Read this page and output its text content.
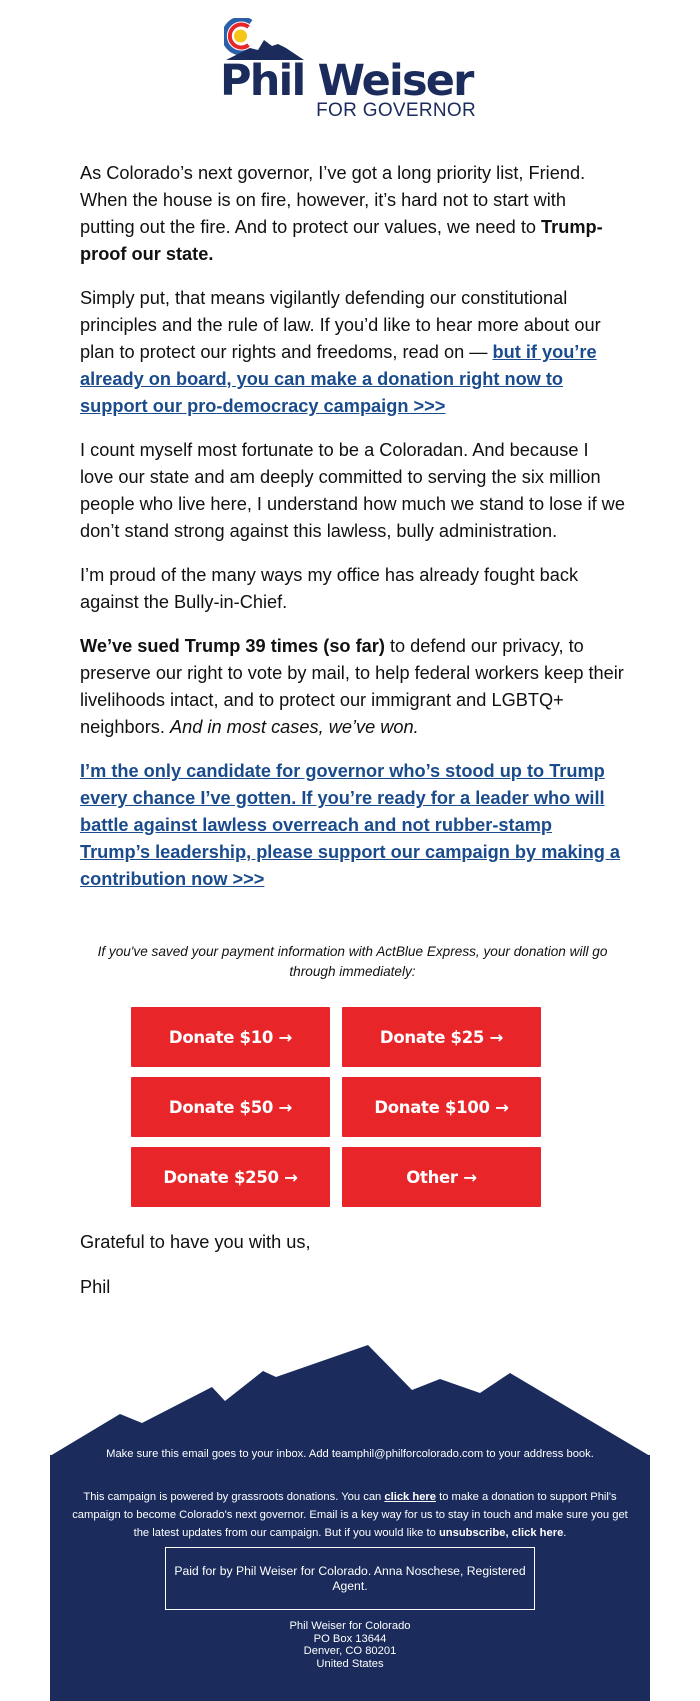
Phil Weiser
FOR GOVERNOR

As Colorado’s next governor, I’ve got a long priority list, Friend. When the house is on fire, however, it’s hard not to start with putting out the fire. And to protect our values, we need to Trump-proof our state.

Simply put, that means vigilantly defending our constitutional principles and the rule of law. If you’d like to hear more about our plan to protect our rights and freedoms, read on — but if you’re already on board, you can make a donation right now to support our pro-democracy campaign >>>

I count myself most fortunate to be a Coloradan. And because I love our state and am deeply committed to serving the six million people who live here, I understand how much we stand to lose if we don’t stand strong against this lawless, bully administration.

I’m proud of the many ways my office has already fought back against the Bully-in-Chief.

We’ve sued Trump 39 times (so far) to defend our privacy, to preserve our right to vote by mail, to help federal workers keep their livelihoods intact, and to protect our immigrant and LGBTQ+ neighbors. And in most cases, we’ve won.

I’m the only candidate for governor who’s stood up to Trump every chance I’ve gotten. If you’re ready for a leader who will battle against lawless overreach and not rubber-stamp Trump’s leadership, please support our campaign by making a contribution now >>>

If you've saved your payment information with ActBlue Express, your donation will go through immediately:
Donate $10 →	Donate $25 →
Donate $50 →	Donate $100 →
Donate $250 →	Other →
Grateful to have you with us,
Phil
Make sure this email goes to your inbox. Add teamphil@philforcolorado.com to your address book.
This campaign is powered by grassroots donations. You can click here to make a donation to support Phil's campaign to become Colorado's next governor. Email is a key way for us to stay in touch and make sure you get the latest updates from our campaign. But if you would like to unsubscribe, click here.
Paid for by Phil Weiser for Colorado. Anna Noschese, Registered Agent.
Phil Weiser for Colorado
PO Box 13644
Denver, CO 80201
United States
